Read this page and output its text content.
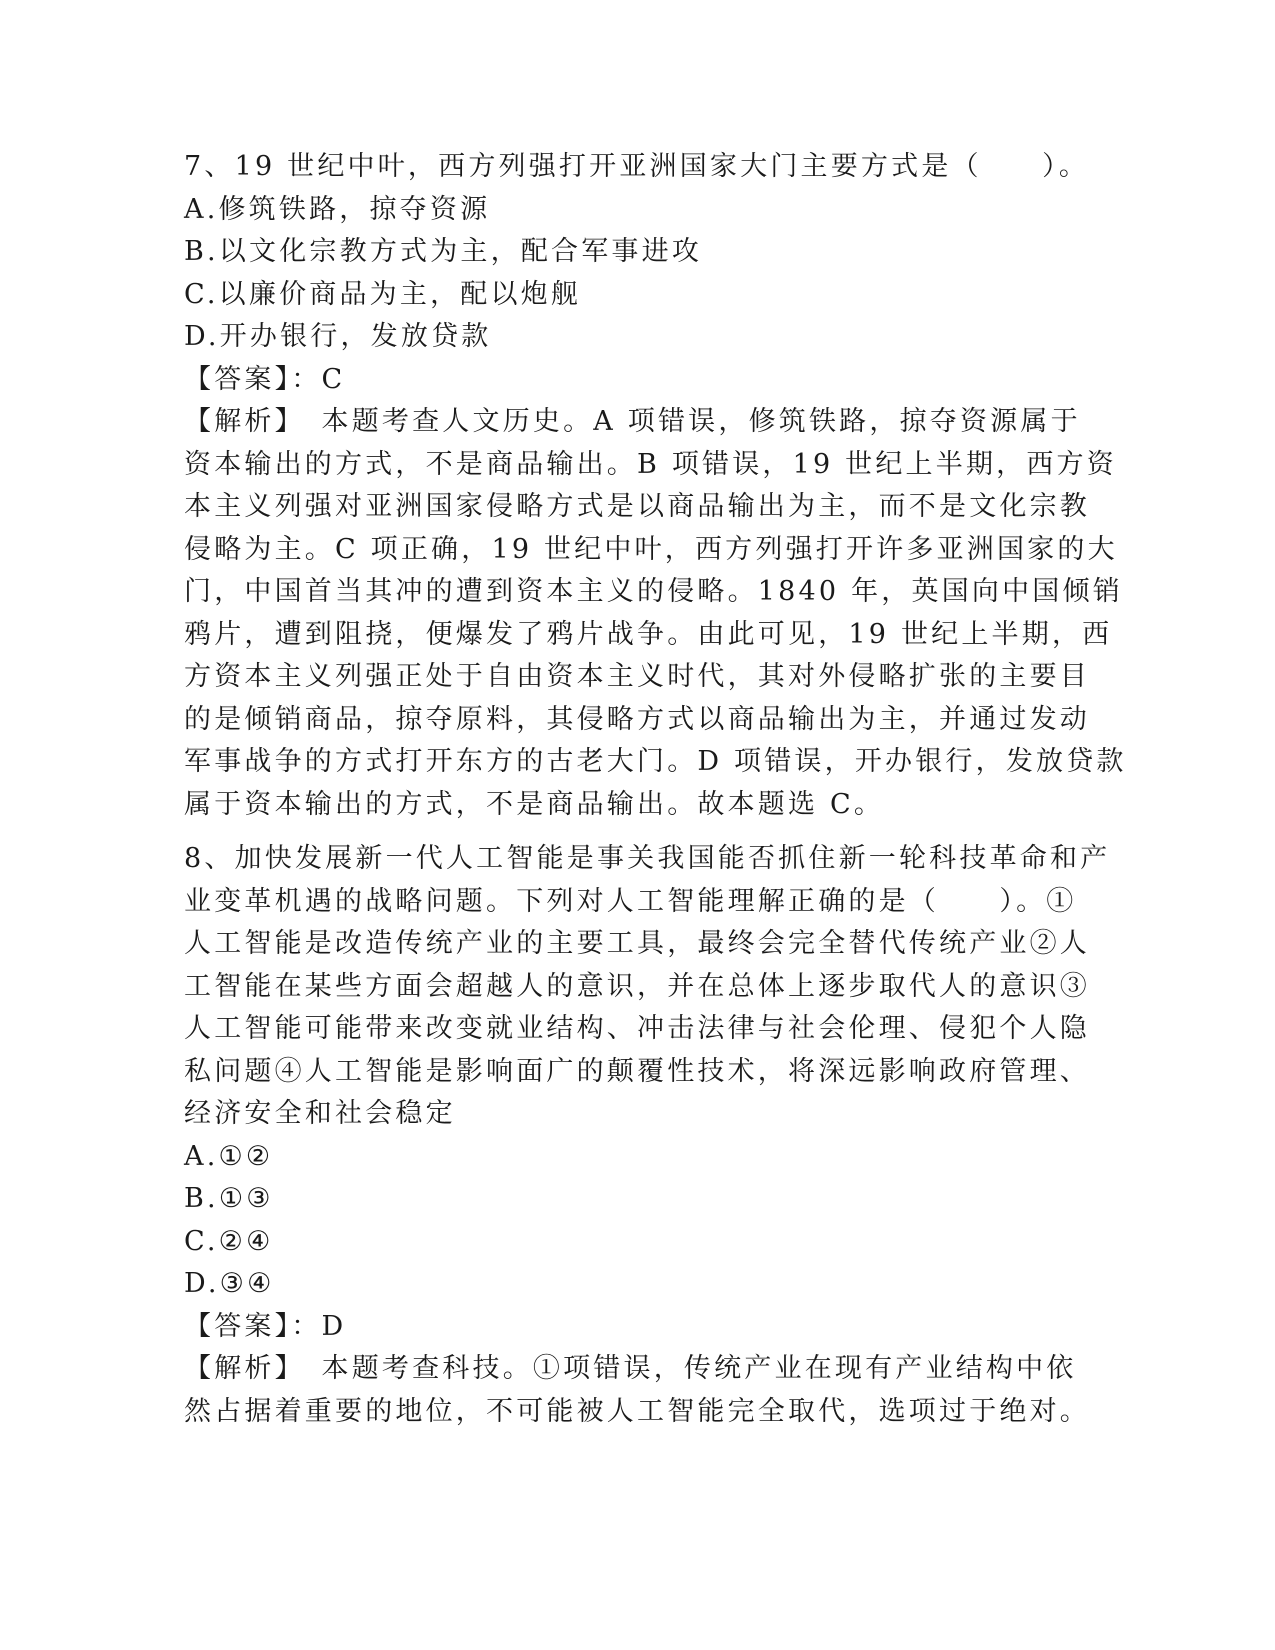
7、19 世纪中叶，西方列强打开亚洲国家大门主要方式是（　　）。

A.修筑铁路，掠夺资源

B.以文化宗教方式为主，配合军事进攻

C.以廉价商品为主，配以炮舰

D.开办银行，发放贷款

【答案】：C

【解析】　本题考查人文历史。A 项错误，修筑铁路，掠夺资源属于

资本输出的方式，不是商品输出。B 项错误，19 世纪上半期，西方资

本主义列强对亚洲国家侵略方式是以商品输出为主，而不是文化宗教

侵略为主。C 项正确，19 世纪中叶，西方列强打开许多亚洲国家的大

门，中国首当其冲的遭到资本主义的侵略。1840 年，英国向中国倾销

鸦片，遭到阻挠，便爆发了鸦片战争。由此可见，19 世纪上半期，西

方资本主义列强正处于自由资本主义时代，其对外侵略扩张的主要目

的是倾销商品，掠夺原料，其侵略方式以商品输出为主，并通过发动

军事战争的方式打开东方的古老大门。D 项错误，开办银行，发放贷款

属于资本输出的方式，不是商品输出。故本题选 C。

8、加快发展新一代人工智能是事关我国能否抓住新一轮科技革命和产

业变革机遇的战略问题。下列对人工智能理解正确的是（　　）。①

人工智能是改造传统产业的主要工具，最终会完全替代传统产业②人

工智能在某些方面会超越人的意识，并在总体上逐步取代人的意识③

人工智能可能带来改变就业结构、冲击法律与社会伦理、侵犯个人隐

私问题④人工智能是影响面广的颠覆性技术，将深远影响政府管理、

经济安全和社会稳定

A.①②

B.①③

C.②④

D.③④

【答案】：D

【解析】　本题考查科技。①项错误，传统产业在现有产业结构中依

然占据着重要的地位，不可能被人工智能完全取代，选项过于绝对。
